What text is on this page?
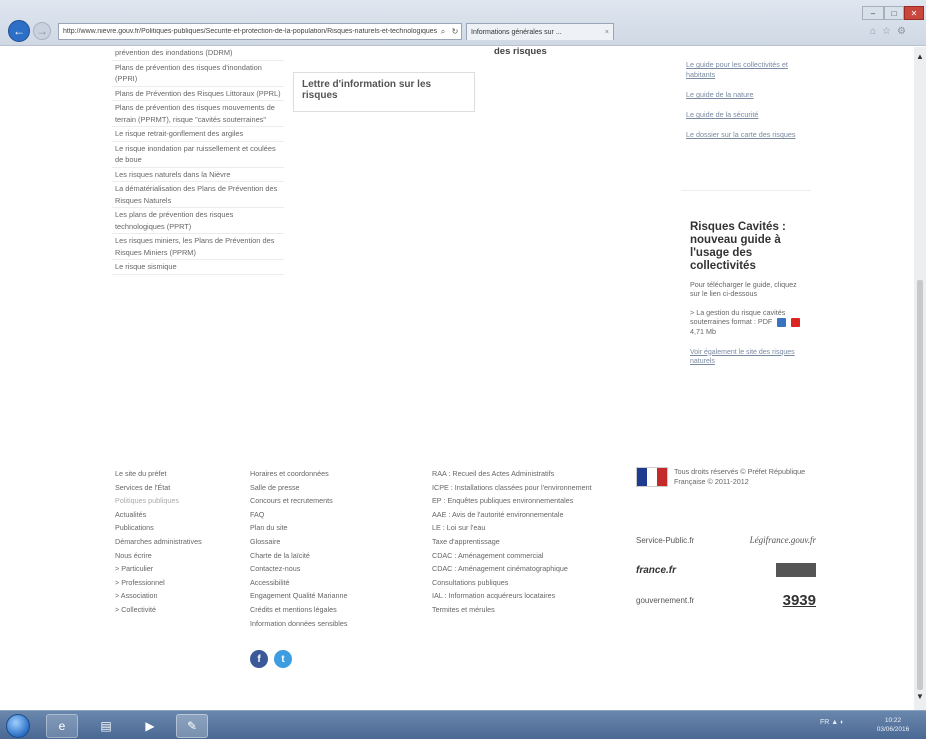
← → http://www.nievre.gouv.fr/Politiques-publiques/Securite-et-protection-de-la-population/Risques-naturels-et-technologiques ⌕ ↻	Informations générales sur ...	×
– □ ✕
⌂ ☆ ⚙
▲
▼
prévention des inondations (DDRM)
Plans de prévention des risques d'inondation (PPRI)
Plans de Prévention des Risques Littoraux (PPRL)
Plans de prévention des risques mouvements de terrain (PPRMT), risque "cavités souterraines"
Le risque retrait-gonflement des argiles
Le risque inondation par ruissellement et coulées de boue
Les risques naturels dans la Nièvre
La dématérialisation des Plans de Prévention des Risques Naturels
Les plans de prévention des risques technologiques (PPRT)
Les risques miniers, les Plans de Prévention des Risques Miniers (PPRM)
Le risque sismique
des risques
Lettre d'information sur les risques
Le guide pour les collectivités et habitants
Le guide de la nature
Le guide de la sécurité
Le dossier sur la carte des risques
Risques Cavités : nouveau guide à l'usage des collectivités
Pour télécharger le guide, cliquez sur le lien ci-dessous
> La gestion du risque cavités souterraines format : PDF
4,71 Mb
Voir également le site des risques naturels
Le site du préfet
Services de l'État
Politiques publiques
Actualités
Publications
Démarches administratives
Nous écrire
> Particulier
> Professionnel
> Association
> Collectivité
Horaires et coordonnées
Salle de presse
Concours et recrutements
FAQ
Plan du site
Glossaire
Charte de la laïcité
Contactez-nous
Accessibilité
Engagement Qualité Marianne
Crédits et mentions légales
Information données sensibles
f	t
RAA : Recueil des Actes Administratifs
ICPE : Installations classées pour l'environnement
EP : Enquêtes publiques environnementales
AAE : Avis de l'autorité environnementale
LE : Loi sur l'eau
Taxe d'apprentissage
CDAC : Aménagement commercial
CDAC : Aménagement cinématographique
Consultations publiques
IAL : Information acquéreurs locataires
Termites et mérules
Tous droits réservés © Préfet République Française © 2011-2012
Service-Public.fr	Légifrance.gouv.fr
france.fr
gouvernement.fr	3939
e	▤	▶	✎	FR ▲ ◐	10:22
03/06/2016
